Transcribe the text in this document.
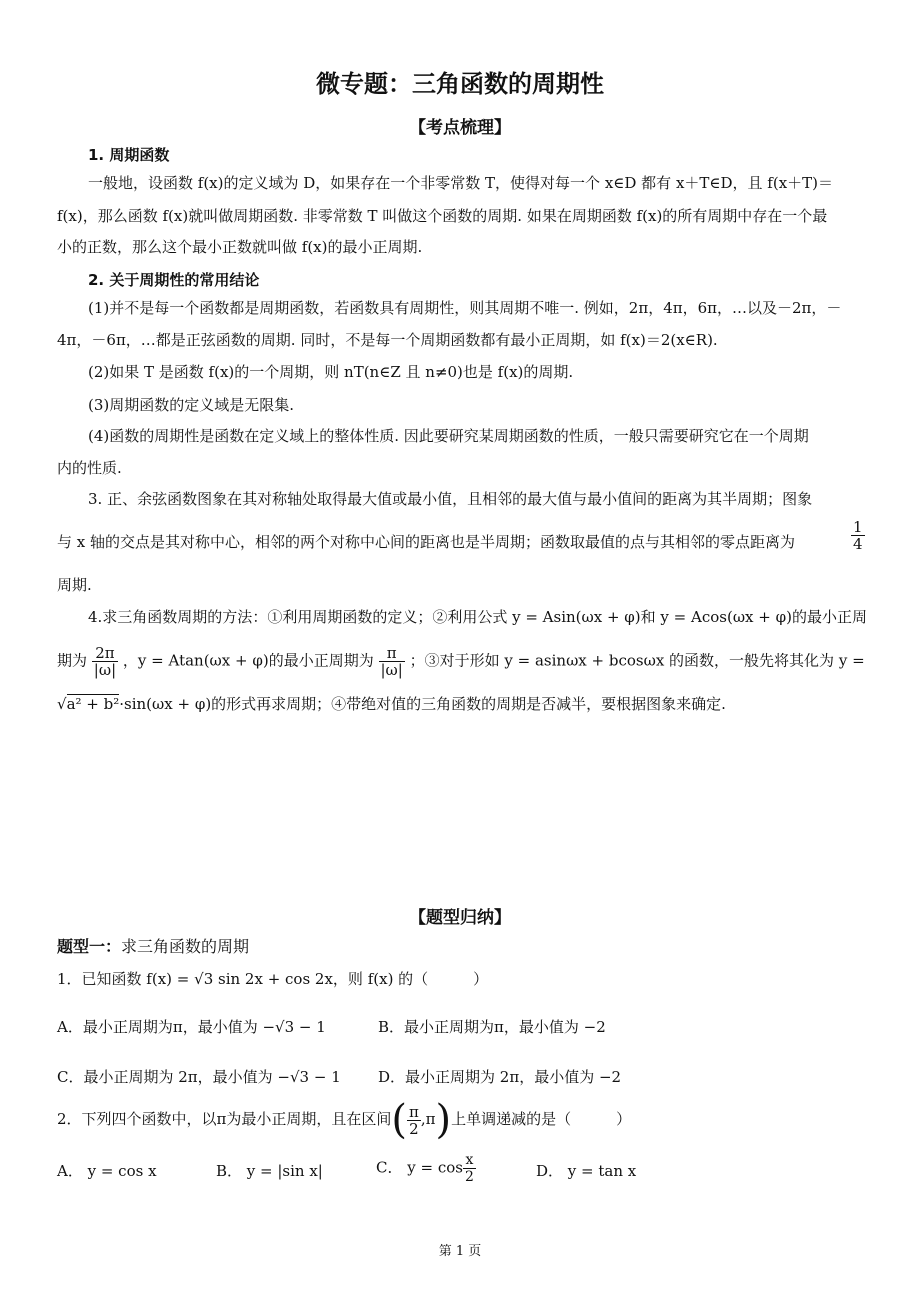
微专题：三角函数的周期性
【考点梳理】
1. 周期函数
一般地，设函数 f(x)的定义域为 D，如果存在一个非零常数 T，使得对每一个 x∈D 都有 x＋T∈D，且 f(x＋T)＝
f(x)，那么函数 f(x)就叫做周期函数. 非零常数 T 叫做这个函数的周期. 如果在周期函数 f(x)的所有周期中存在一个最
小的正数，那么这个最小正数就叫做 f(x)的最小正周期.
2. 关于周期性的常用结论
(1)并不是每一个函数都是周期函数，若函数具有周期性，则其周期不唯一. 例如，2π，4π，6π，…以及－2π，－
4π，－6π，…都是正弦函数的周期. 同时，不是每一个周期函数都有最小正周期，如 f(x)＝2(x∈R).
(2)如果 T 是函数 f(x)的一个周期，则 nT(n∈Z 且 n≠0)也是 f(x)的周期.
(3)周期函数的定义域是无限集.
(4)函数的周期性是函数在定义域上的整体性质. 因此要研究某周期函数的性质，一般只需要研究它在一个周期
内的性质.
3. 正、余弦函数图象在其对称轴处取得最大值或最小值，且相邻的最大值与最小值间的距离为其半周期；图象
与 x 轴的交点是其对称中心，相邻的两个对称中心间的距离也是半周期；函数取最值的点与其相邻的零点距离为	$\frac{1}{4}$
周期.
4.求三角函数周期的方法：①利用周期函数的定义；②利用公式 y = Asin(ωx + φ)和 y = Acos(ωx + φ)的最小正周
期为 $\frac{2\pi}{|\omega|}$ ，y = Atan(ωx + φ)的最小正周期为 $\frac{\pi}{|\omega|}$ ；③对于形如 y = asinωx + bcosωx 的函数，一般先将其化为 y =
√a² + b²·sin(ωx + φ)的形式再求周期；④带绝对值的三角函数的周期是否减半，要根据图象来确定.
【题型归纳】
题型一：求三角函数的周期
1．已知函数 f(x) = √3 sin 2x + cos 2x，则 f(x) 的（　　　）
A．最小正周期为π，最小值为 −√3 − 1	B．最小正周期为π，最小值为 −2
C．最小正周期为 2π，最小值为 −√3 − 1 D．最小正周期为 2π，最小值为 −2
2．下列四个函数中，以π为最小正周期，且在区间( $\frac{\pi}{2} ,\pi$)上单调递减的是（　　　）
A． y = cos x	B． y = |sin x|	C． $y = \cos \frac{x}{2}$	D． y = tan x
第 1 页
